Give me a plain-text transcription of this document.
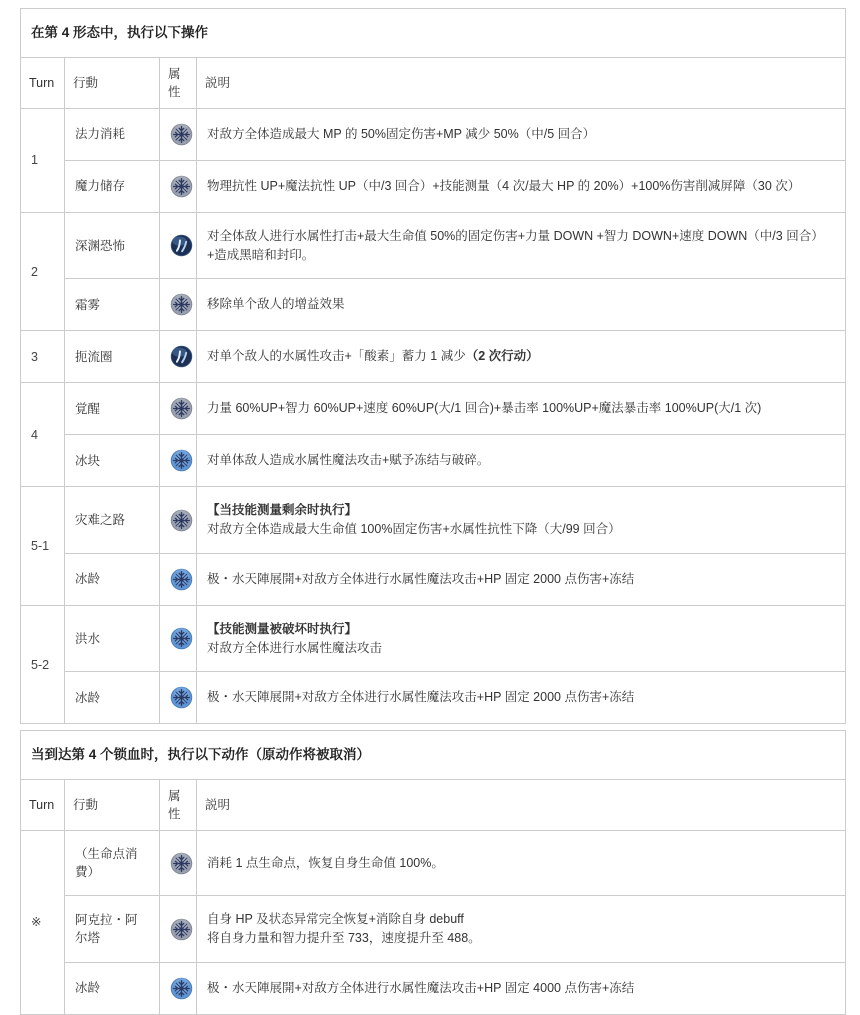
在第 4 形态中，执行以下操作			
Turn	行動	属性	説明
1	法力消耗		对敌方全体造成最大 MP 的 50%固定伤害+MP 减少 50%（中/5 回合）

	魔力储存		物理抗性 UP+魔法抗性 UP（中/3 回合）+技能测量（4 次/最大 HP 的 20%）+100%伤害削减屏障（30 次）

2	深渊恐怖		对全体敌人进行水属性打击+最大生命值 50%的固定伤害+力量 DOWN +智力 DOWN+速度 DOWN（中/3 回合）+造成黑暗和封印。

	霜雾		移除单个敌人的增益效果

3	扼流圈		对单个敌人的水属性攻击+「酸素」蓄力 1 减少（2 次行动）

4	覚醒		力量 60%UP+智力 60%UP+速度 60%UP(大/1 回合)+暴击率 100%UP+魔法暴击率 100%UP(大/1 次)

	冰块		对单体敌人造成水属性魔法攻击+赋予冻结与破碎。

5-1	灾难之路		【当技能测量剩余时执行】
对敌方全体造成最大生命值 100%固定伤害+水属性抗性下降（大/99 回合）

	冰龄		极・水天陣展開+对敌方全体进行水属性魔法攻击+HP 固定 2000 点伤害+冻结

5-2	洪水		【技能测量被破坏时执行】
对敌方全体进行水属性魔法攻击

	冰龄		极・水天陣展開+对敌方全体进行水属性魔法攻击+HP 固定 2000 点伤害+冻结
当到达第 4 个锁血时，执行以下动作（原动作将被取消）			
Turn	行動	属性	説明
※	（生命点消費）		消耗 1 点生命点，恢复自身生命值 100%。

	阿克拉・阿尔塔		自身 HP 及状态异常完全恢复+消除自身 debuff
将自身力量和智力提升至 733，速度提升至 488。

	冰龄		极・水天陣展開+对敌方全体进行水属性魔法攻击+HP 固定 4000 点伤害+冻结
